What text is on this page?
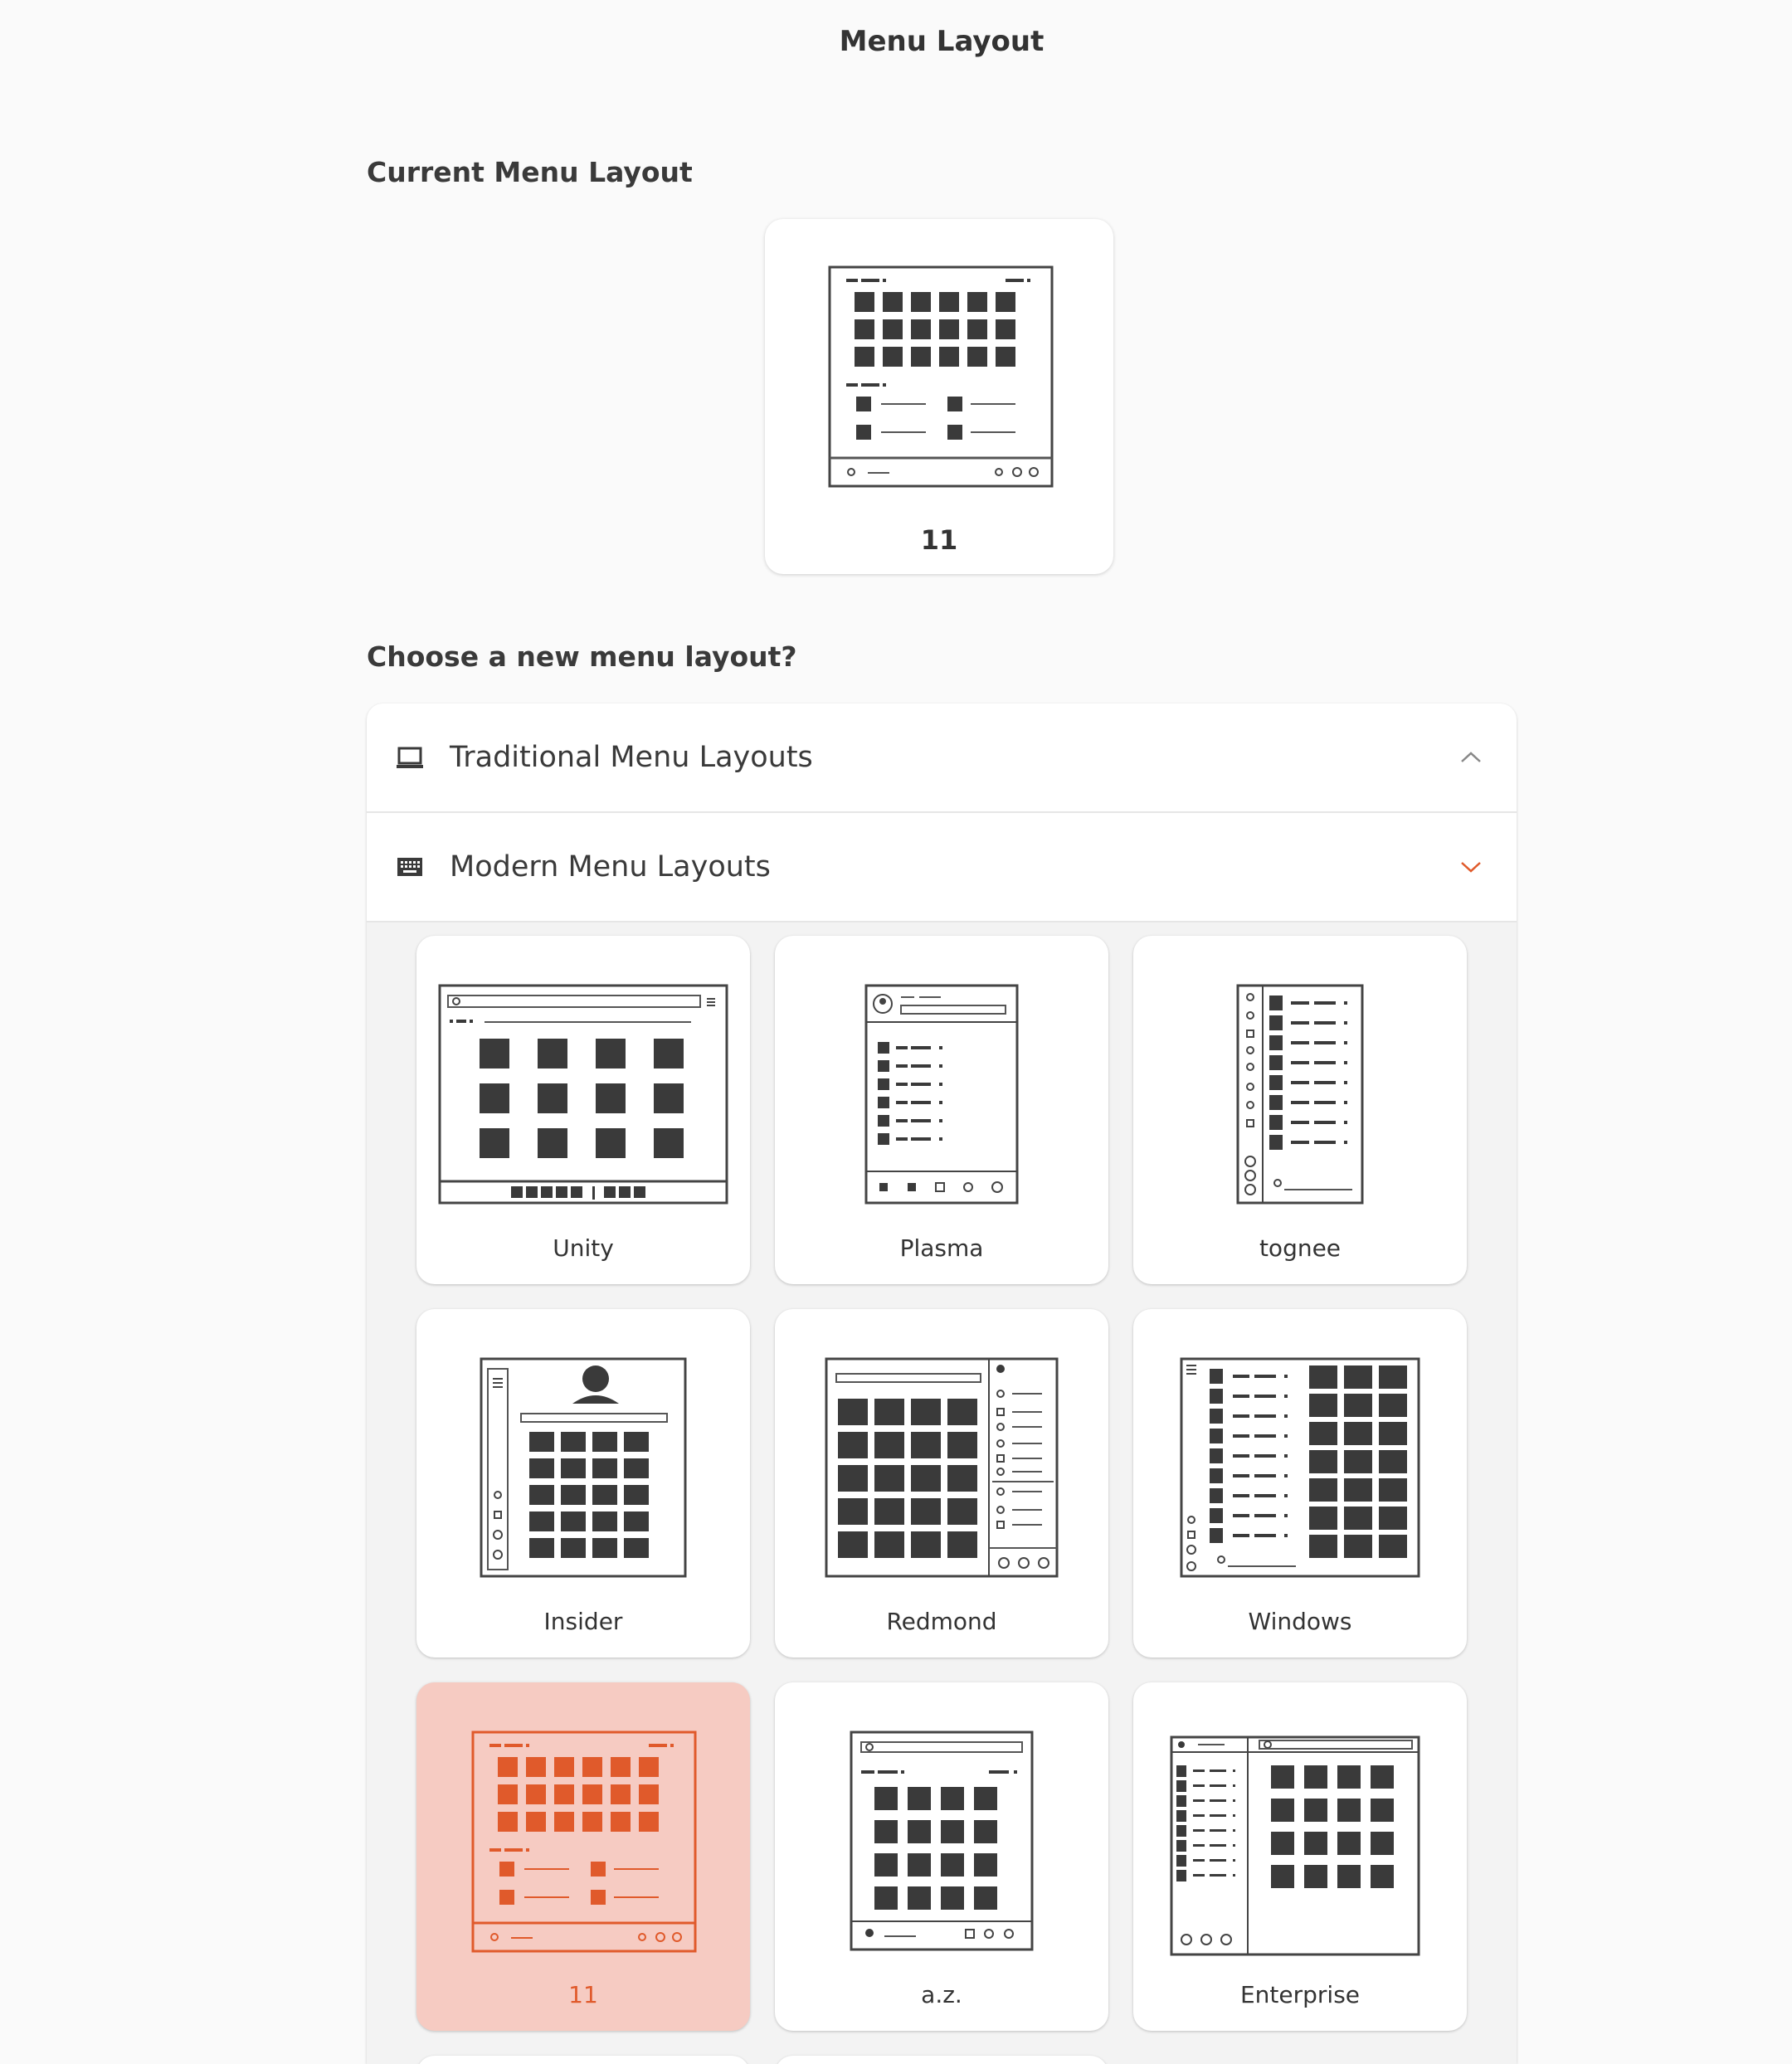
Menu Layout
Current Menu Layout
11
Choose a new menu layout?
Traditional Menu Layouts
Modern Menu Layouts
Unity	Plasma	tognee
Insider	Redmond	Windows
11	a.z.	Enterprise
